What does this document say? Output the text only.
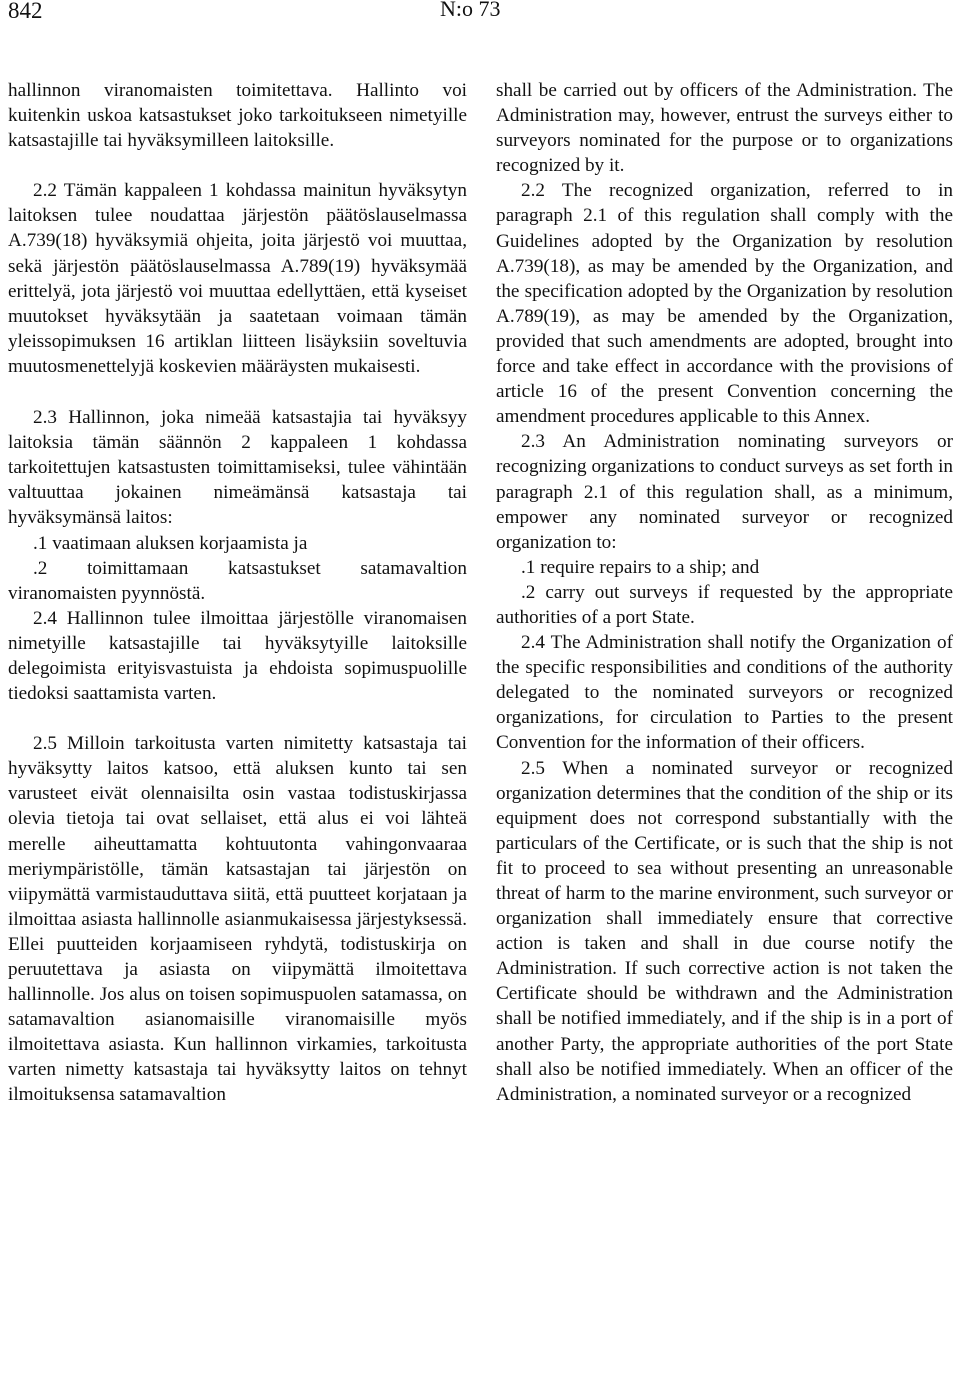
842	N:o 73

hallinnon viranomaisten toimitettava. Hallinto voi kuitenkin uskoa katsastukset joko tarkoitukseen nimetyille katsastajille tai hyväksymilleen laitoksille.

2.2 Tämän kappaleen 1 kohdassa mainitun hyväksytyn laitoksen tulee noudattaa järjestön päätöslauselmassa A.739(18) hyväksymiä ohjeita, joita järjestö voi muuttaa, sekä järjestön päätöslauselmassa A.789(19) hyväksymää erittelyä, jota järjestö voi muuttaa edellyttäen, että kyseiset muutokset hyväksytään ja saatetaan voimaan tämän yleissopimuksen 16 artiklan liitteen lisäyksiin soveltuvia muutosmenettelyjä koskevien määräysten mukaisesti.

2.3 Hallinnon, joka nimeää katsastajia tai hyväksyy laitoksia tämän säännön 2 kappaleen 1 kohdassa tarkoitettujen katsastusten toimittamiseksi, tulee vähintään valtuuttaa jokainen nimeämänsä katsastaja tai hyväksymänsä laitos:

.1 vaatimaan aluksen korjaamista ja

.2 toimittamaan katsastukset satamavaltion viranomaisten pyynnöstä.

2.4 Hallinnon tulee ilmoittaa järjestölle viranomaisen nimetyille katsastajille tai hyväksytyille laitoksille delegoimista erityisvastuista ja ehdoista sopimuspuolille tiedoksi saattamista varten.

2.5 Milloin tarkoitusta varten nimitetty katsastaja tai hyväksytty laitos katsoo, että aluksen kunto tai sen varusteet eivät olennaisilta osin vastaa todistuskirjassa olevia tietoja tai ovat sellaiset, että alus ei voi lähteä merelle aiheuttamatta kohtuutonta vahingonvaaraa meriympäristölle, tämän katsastajan tai järjestön on viipymättä varmistauduttava siitä, että puutteet korjataan ja ilmoittaa asiasta hallinnolle asianmukaisessa järjestyksessä. Ellei puutteiden korjaamiseen ryhdytä, todistuskirja on peruutettava ja asiasta on viipymättä ilmoitettava hallinnolle. Jos alus on toisen sopimuspuolen satamassa, on satamavaltion asianomaisille viranomaisille myös ilmoitettava asiasta. Kun hallinnon virkamies, tarkoitusta varten nimetty katsastaja tai hyväksytty laitos on tehnyt ilmoituksensa satamavaltion

shall be carried out by officers of the Administration. The Administration may, however, entrust the surveys either to surveyors nominated for the purpose or to organizations recognized by it.

2.2 The recognized organization, referred to in paragraph 2.1 of this regulation shall comply with the Guidelines adopted by the Organization by resolution A.739(18), as may be amended by the Organization, and the specification adopted by the Organization by resolution A.789(19), as may be amended by the Organization, provided that such amendments are adopted, brought into force and take effect in accordance with the provisions of article 16 of the present Convention concerning the amendment procedures applicable to this Annex.

2.3 An Administration nominating surveyors or recognizing organizations to conduct surveys as set forth in paragraph 2.1 of this regulation shall, as a minimum, empower any nominated surveyor or recognized organization to:

.1 require repairs to a ship; and

.2 carry out surveys if requested by the appropriate authorities of a port State.

2.4 The Administration shall notify the Organization of the specific responsibilities and conditions of the authority delegated to the nominated surveyors or recognized organizations, for circulation to Parties to the present Convention for the information of their officers.

2.5 When a nominated surveyor or recognized organization determines that the condition of the ship or its equipment does not correspond substantially with the particulars of the Certificate, or is such that the ship is not fit to proceed to sea without presenting an unreasonable threat of harm to the marine environment, such surveyor or organization shall immediately ensure that corrective action is taken and shall in due course notify the Administration. If such corrective action is not taken the Certificate should be withdrawn and the Administration shall be notified immediately, and if the ship is in a port of another Party, the appropriate authorities of the port State shall also be notified immediately. When an officer of the Administration, a nominated surveyor or a recognized
